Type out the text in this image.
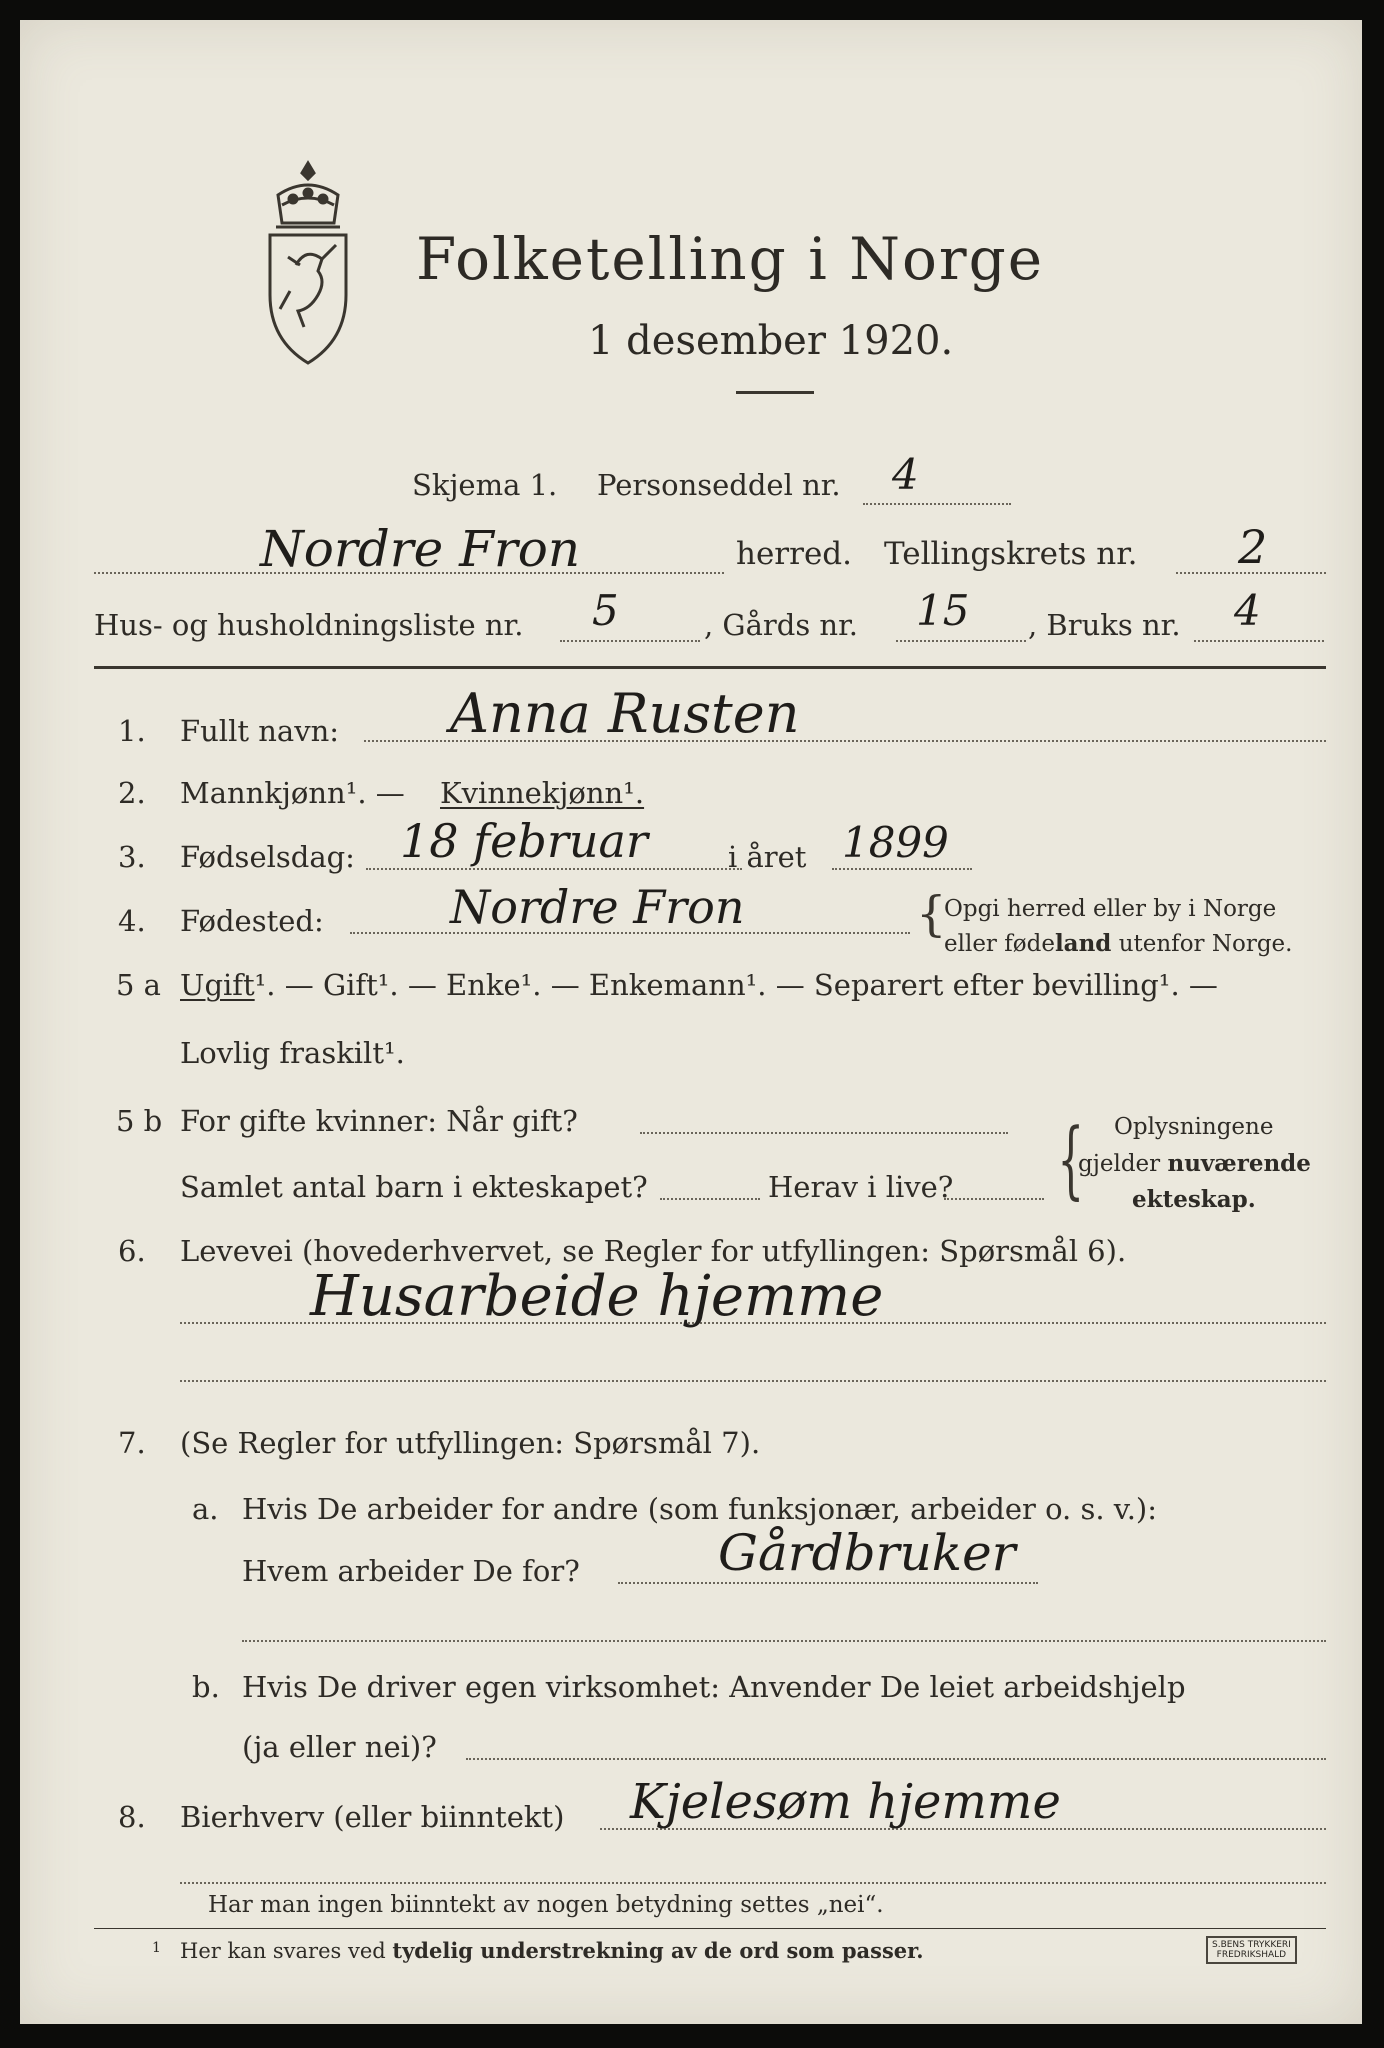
Folketelling i Norge
1 desember 1920.
Skjema 1. Personseddel nr. 4
Nordre Fron	herred. Tellingskrets nr. 2
Hus- og husholdningsliste nr. 5	, Gårds nr. 15 , Bruks nr. 4
1. Fullt navn: Anna Rusten
2. Mannkjønn¹. — Kvinnekjønn¹.
3. Fødselsdag: 18 februar	i året 1899
4. Fødested:	Nordre Fron	{
Opgi herred eller by i Norge
eller fødeland utenfor Norge.
5 a Ugift¹. — Gift¹. — Enke¹. — Enkemann¹. — Separert efter bevilling¹. —
Lovlig fraskilt¹.
5 b For gifte kvinner: Når gift?
Samlet antal barn i ekteskapet?	Herav i live? { Oplysningene
gjelder nuværende
ekteskap.
6. Levevei (hovederhvervet, se Regler for utfyllingen: Spørsmål 6).
Husarbeide hjemme
7. (Se Regler for utfyllingen: Spørsmål 7).
a. Hvis De arbeider for andre (som funksjonær, arbeider o. s. v.):
Hvem arbeider De for?	Gårdbruker
b. Hvis De driver egen virksomhet: Anvender De leiet arbeidshjelp
(ja eller nei)?
8. Bierhverv (eller biinntekt) Kjelesøm hjemme
Har man ingen biinntekt av nogen betydning settes „nei“.
1 Her kan svares ved tydelig understrekning av de ord som passer.	S.BENS TRYKKERI
FREDRIKSHALD
